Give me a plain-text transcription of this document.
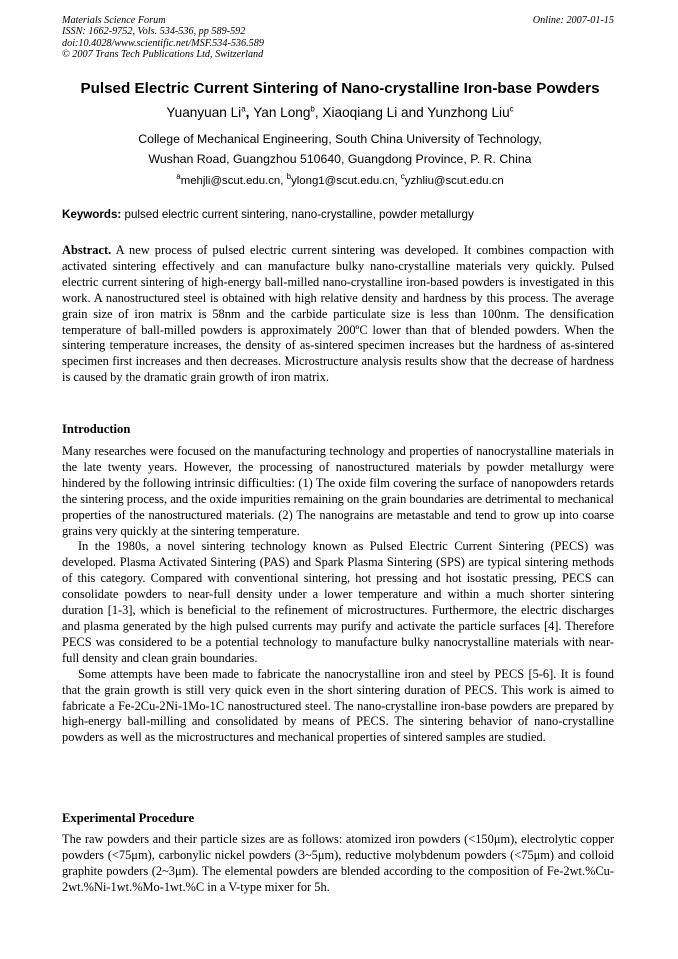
Materials Science Forum
ISSN: 1662-9752, Vols. 534-536, pp 589-592
doi:10.4028/www.scientific.net/MSF.534-536.589
© 2007 Trans Tech Publications Ltd, Switzerland
Online: 2007-01-15
Pulsed Electric Current Sintering of Nano-crystalline Iron-base Powders
Yuanyuan Li$^a$, Yan Long$^b$, Xiaoqiang Li and Yunzhong Liu$^c$
College of Mechanical Engineering, South China University of Technology,
Wushan Road, Guangzhou 510640, Guangdong Province, P. R. China
$^a$mehjli@scut.edu.cn, $^b$ylong1@scut.edu.cn, $^c$yzhliu@scut.edu.cn
Keywords: pulsed electric current sintering, nano-crystalline, powder metallurgy

Abstract. A new process of pulsed electric current sintering was developed. It combines compaction with activated sintering effectively and can manufacture bulky nano-crystalline materials very quickly. Pulsed electric current sintering of high-energy ball-milled nano-crystalline iron-based powders is investigated in this work. A nanostructured steel is obtained with high relative density and hardness by this process. The average grain size of iron matrix is 58nm and the carbide particulate size is less than 100nm. The densification temperature of ball-milled powders is approximately 200ºC lower than that of blended powders. When the sintering temperature increases, the density of as-sintered specimen increases but the hardness of as-sintered specimen first increases and then decreases. Microstructure analysis results show that the decrease of hardness is caused by the dramatic grain growth of iron matrix.

Introduction

Many researches were focused on the manufacturing technology and properties of nanocrystalline materials in the late twenty years. However, the processing of nanostructured materials by powder metallurgy were hindered by the following intrinsic difficulties: (1) The oxide film covering the surface of nanopowders retards the sintering process, and the oxide impurities remaining on the grain boundaries are detrimental to mechanical properties of the nanostructured materials. (2) The nanograins are metastable and tend to grow up into coarse grains very quickly at the sintering temperature.

In the 1980s, a novel sintering technology known as Pulsed Electric Current Sintering (PECS) was developed. Plasma Activated Sintering (PAS) and Spark Plasma Sintering (SPS) are typical sintering methods of this category. Compared with conventional sintering, hot pressing and hot isostatic pressing, PECS can consolidate powders to near-full density under a lower temperature and within a much shorter sintering duration [1-3], which is beneficial to the refinement of microstructures. Furthermore, the electric discharges and plasma generated by the high pulsed currents may purify and activate the particle surfaces [4]. Therefore PECS was considered to be a potential technology to manufacture bulky nanocrystalline materials with near-full density and clean grain boundaries.

Some attempts have been made to fabricate the nanocrystalline iron and steel by PECS [5-6]. It is found that the grain growth is still very quick even in the short sintering duration of PECS. This work is aimed to fabricate a Fe-2Cu-2Ni-1Mo-1C nanostructured steel. The nano-crystalline iron-base powders are prepared by high-energy ball-milling and consolidated by means of PECS. The sintering behavior of nano-crystalline powders as well as the microstructures and mechanical properties of sintered samples are studied.

Experimental Procedure

The raw powders and their particle sizes are as follows: atomized iron powders (<150μm), electrolytic copper powders (<75μm), carbonylic nickel powders (3~5μm), reductive molybdenum powders (<75μm) and colloid graphite powders (2~3μm). The elemental powders are blended according to the composition of Fe-2wt.%Cu-2wt.%Ni-1wt.%Mo-1wt.%C in a V-type mixer for 5h.
